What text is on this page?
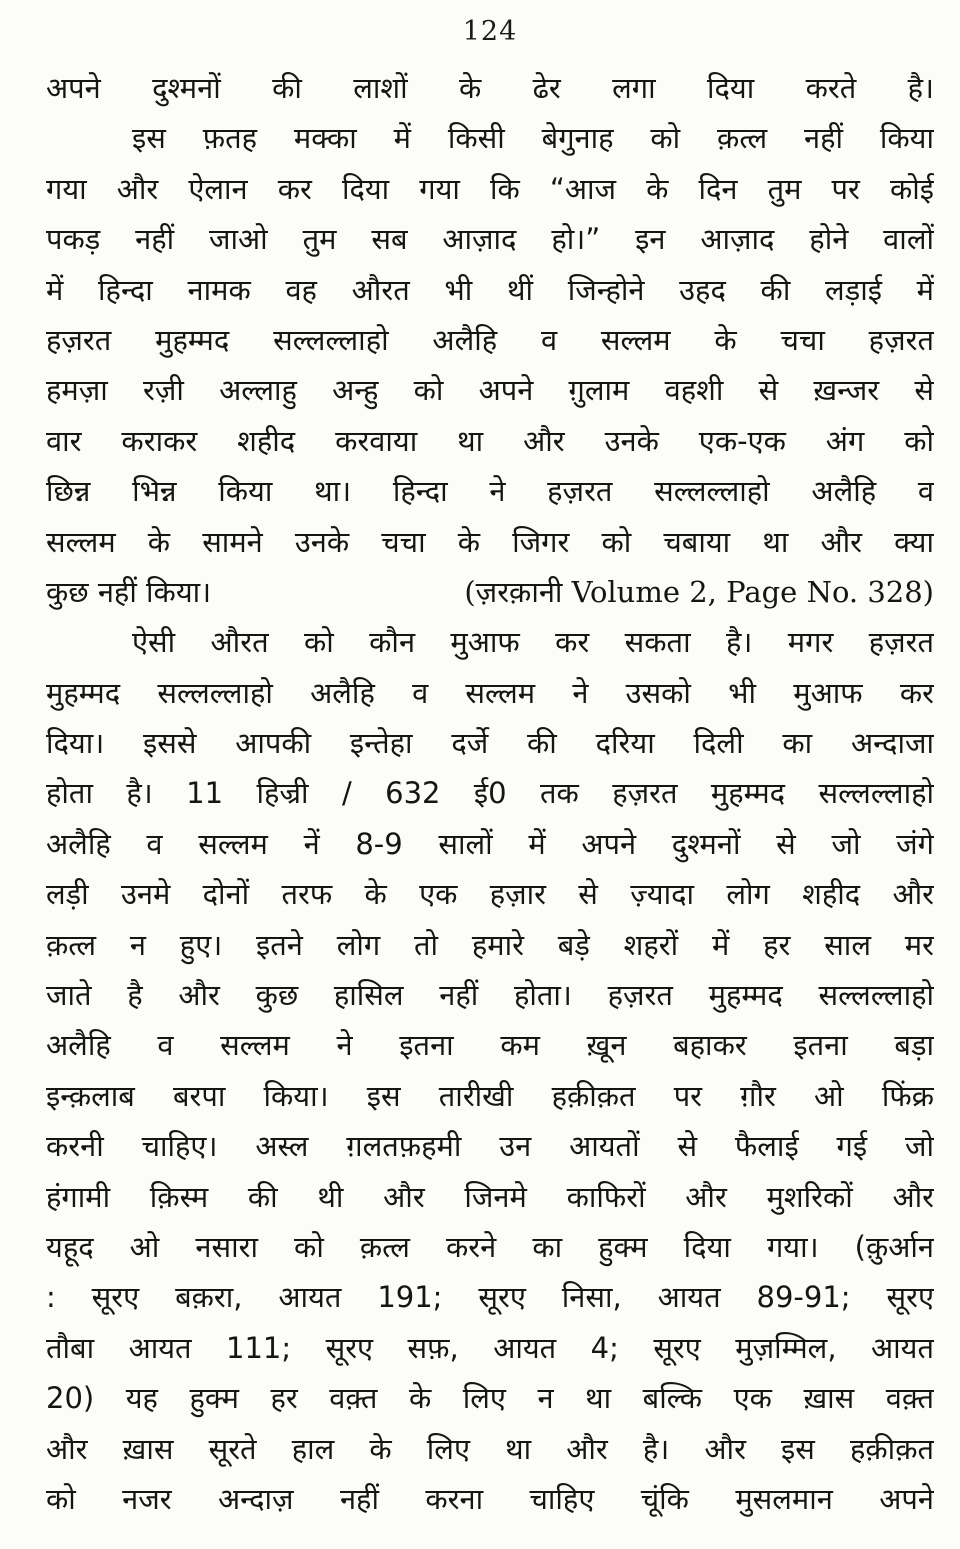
124

अपने दुश्मनों की लाशों के ढेर लगा दिया करते है।

इस फ़तह मक्का में किसी बेगुनाह को क़त्ल नहीं किया

गया और ऐलान कर दिया गया कि “आज के दिन तुम पर कोई

पकड़ नहीं जाओ तुम सब आज़ाद हो।” इन आज़ाद होने वालों

में हिन्दा नामक वह औरत भी थीं जिन्होने उहद की लड़ाई में

हज़रत मुहम्मद सल्लल्लाहो अलैहि व सल्लम के चचा हज़रत

हमज़ा रज़ी अल्लाहु अन्हु को अपने ग़ुलाम वहशी से ख़न्जर से

वार कराकर शहीद करवाया था और उनके एक-एक अंग को

छिन्न भिन्न किया था। हिन्दा ने हज़रत सल्लल्लाहो अलैहि व

सल्लम के सामने उनके चचा के जिगर को चबाया था और क्या

कुछ नहीं किया।	(ज़रक़ानी Volume 2, Page No. 328)

ऐसी औरत को कौन मुआफ कर सकता है। मगर हज़रत

मुहम्मद सल्लल्लाहो अलैहि व सल्लम ने उसको भी मुआफ कर

दिया। इससे आपकी इन्तेहा दर्जे की दरिया दिली का अन्दाजा

होता है। 11 हिज्री / 632 ई0 तक हज़रत मुहम्मद सल्लल्लाहो

अलैहि व सल्लम नें 8-9 सालों में अपने दुश्मनों से जो जंगे

लड़ी उनमे दोनों तरफ के एक हज़ार से ज़्यादा लोग शहीद और

क़त्ल न हुए। इतने लोग तो हमारे बड़े शहरों में हर साल मर

जाते है और कुछ हासिल नहीं होता। हज़रत मुहम्मद सल्लल्लाहो

अलैहि व सल्लम ने इतना कम ख़ून बहाकर इतना बड़ा

इन्क़लाब बरपा किया। इस तारीखी हक़ीक़त पर ग़ौर ओ फिंक्र

करनी चाहिए। अस्ल ग़लतफ़हमी उन आयतों से फैलाई गई जो

हंगामी क़िस्म की थी और जिनमे काफिरों और मुशरिकों और

यहूद ओ नसारा को क़त्ल करने का हुक्म दिया गया। (क़ुर्आन

: सूरए बक़रा, आयत 191; सूरए निसा, आयत 89-91; सूरए

तौबा आयत 111; सूरए सफ़, आयत 4; सूरए मुज़म्मिल, आयत

20) यह हुक्म हर वक़्त के लिए न था बल्कि एक ख़ास वक़्त

और ख़ास सूरते हाल के लिए था और है। और इस हक़ीक़त

को नजर अन्दाज़ नहीं करना चाहिए चूंकि मुसलमान अपने
